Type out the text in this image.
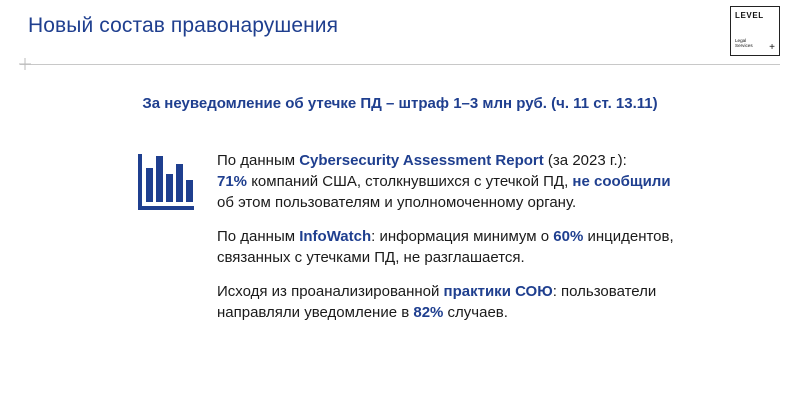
Новый состав правонарушения	LEVEL
Legal Services	+
За неуведомление об утечке ПД – штраф 1–3 млн руб. (ч. 11 ст. 13.11)

По данным Cybersecurity Assessment Report (за 2023 г.):
71% компаний США, столкнувшихся с утечкой ПД, не сообщили
об этом пользователям и уполномоченному органу.

По данным InfoWatch: информация минимум о 60% инцидентов, связанных с утечками ПД, не разглашается.

Исходя из проанализированной практики СОЮ: пользователи направляли уведомление в 82% случаев.
